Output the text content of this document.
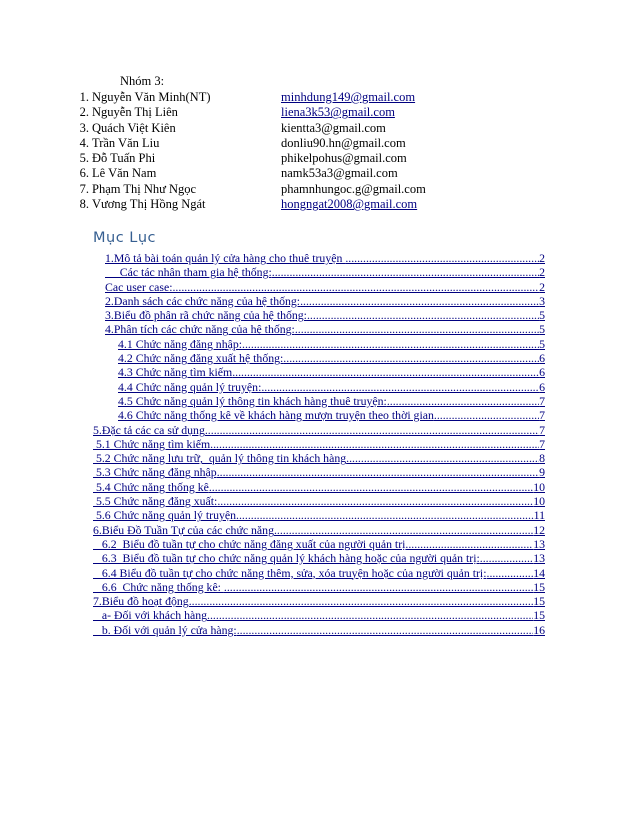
Nhóm 3:
1. Nguyễn Văn Minh(NT)	minhdung149@gmail.com
2. Nguyễn Thị Liên	liena3k53@gmail.com
3. Quách Việt Kiên	kientta3@gmail.com
4. Trần Văn Liu	donliu90.hn@gmail.com
5. Đỗ Tuấn Phi	phikelpohus@gmail.com
6. Lê Văn Nam	namk53a3@gmail.com
7. Phạm Thị Như Ngọc	phamnhungoc.g@gmail.com
8. Vương Thị Hồng Ngát	hongngat2008@gmail.com
Mục Lục
1.Mô tả bài toán quản lý cửa hàng cho thuê truyện .....	2
Các tác nhân tham gia hệ thống: .....	2
Cac user case: .....	2
2.Danh sách các chức năng của hệ thống: .....	3
3.Biểu đồ phân rã chức năng của hệ thống: .....	5
4.Phân tích các chức năng của hệ thống: .....	5
4.1 Chức năng đăng nhập: .....	5
4.2 Chức năng đăng xuất hệ thống: .....	6
4.3 Chức năng tìm kiếm .....	6
4.4 Chức năng quản lý truyện: .....	6
4.5 Chức năng quản lý thông tin khách hàng thuê truyện: .....	7
4.6 Chức năng thống kê về khách hàng mượn truyện theo thời gian .....	7
5.Đặc tả các ca sử dụng .....	7
5.1 Chức năng tìm kiếm .....	7
5.2 Chức năng lưu trữ,  quản lý thông tin khách hàng .....	8
5.3 Chức năng đăng nhập .....	9
5.4 Chức năng thống kê .....	10
5.5 Chức năng đăng xuất: .....	10
5.6 Chức năng quản lý truyện .....	11
6.Biểu Đồ Tuần Tự của các chức năng .....	12
6.2  Biểu đồ tuần tự cho chức năng đăng xuất của người quản trị .....	13
6.3  Biểu đồ tuần tự cho chức năng quản lý khách hàng hoặc của người quản trị: .....	13
6.4 Biểu đồ tuần tự cho chức năng thêm, sửa, xóa truyện hoặc của người quản trị: .....	14
6.6  Chức năng thống kê: .....	15
7.Biểu đồ hoạt động .....	15
a- Đối với khách hàng .....	15
b. Đối với quản lý cửa hàng: .....	16
